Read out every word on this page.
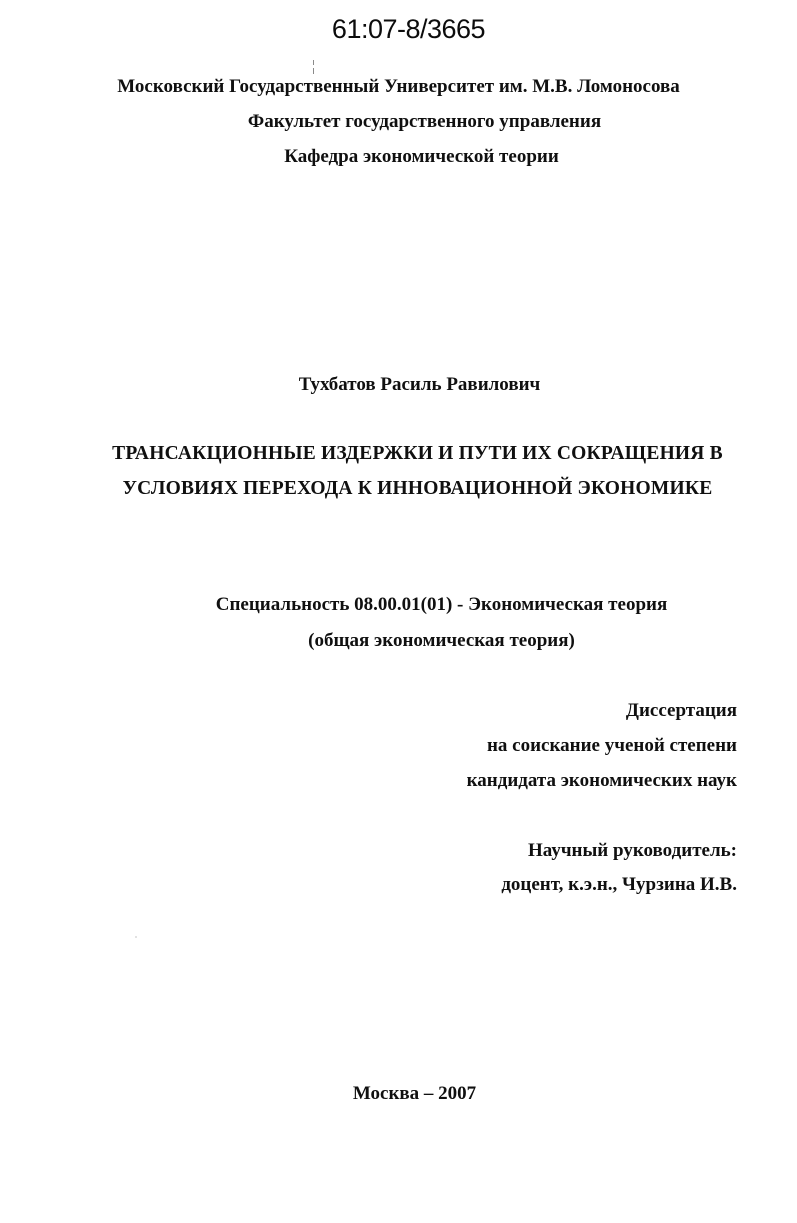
61:07-8/3665
Московский Государственный Университет им. М.В. Ломоносова
Факультет государственного управления
Кафедра экономической теории
Тухбатов Расиль Равилович
ТРАНСАКЦИОННЫЕ ИЗДЕРЖКИ И ПУТИ ИХ СОКРАЩЕНИЯ В
УСЛОВИЯХ ПЕРЕХОДА К ИННОВАЦИОННОЙ ЭКОНОМИКЕ
Специальность 08.00.01(01) - Экономическая теория
(общая экономическая теория)
Диссертация
на соискание ученой степени
кандидата экономических наук
Научный руководитель:
доцент, к.э.н., Чурзина И.В.
Москва – 2007
